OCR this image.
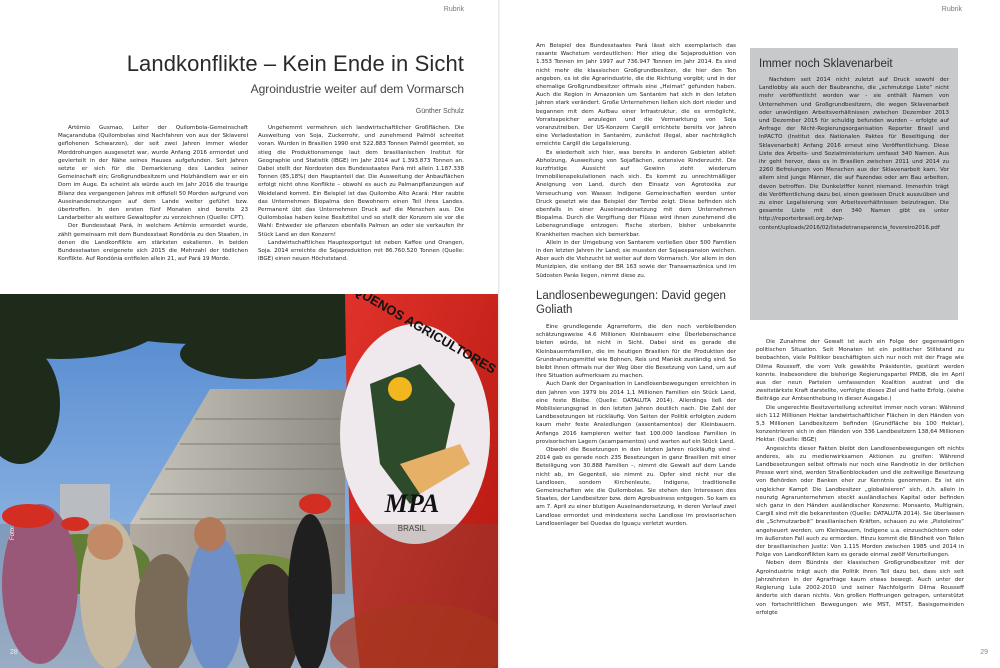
Rubrik
Landkonflikte – Kein Ende in Sicht
Agroindustrie weiter auf dem Vormarsch
Günther Schulz

Artêmio Gusmao, Leiter der Quilombola-Gemeinschaft Maçaranduba (Quilombolas sind Nachfahren von aus der Sklaverei geflohenen Schwarzen), der seit zwei Jahren immer wieder Morddrohungen ausgesetzt war, wurde Anfang 2016 ermordet und gevierteilt in der Nähe seines Hauses aufgefunden. Seit Jahren setzte er sich für die Demarkierung des Landes seiner Gemeinschaft ein; Großgrundbesitzern und Holzhändlern war er ein Dorn im Auge. Es scheint als würde auch im Jahr 2016 die traurige Bilanz des vergangenen Jahres mit offiziell 50 Morden aufgrund von Auseinandersetzungen auf dem Lande weiter geführt bzw. übertroffen. In den ersten fünf Monaten sind bereits 23 Landarbeiter als weitere Gewaltopfer zu verzeichnen (Quelle: CPT).

Der Bundesstaat Pará, in welchem Artêmio ermordet wurde, zählt gemeinsam mit dem Bundesstaat Rondônia zu den Staaten, in denen die Landkonflikte am stärksten eskalieren. In beiden Bundesstaaten ereigenete sich 2015 die Mehrzahl der tödlichen Konflikte. Auf Rondônia entfielen allein 21, auf Pará 19 Morde.

Ungehemmt vermehren sich landwirtschaftlicher Großflächen. Die Ausweitung von Soja, Zuckerrohr, und zunehmend Palmöl schreitet voran. Wurden in Brasilien 1990 erst 522.883 Tonnen Palmöl geerntet, so stieg die Produktionsmenge laut dem brasilianischen Institut für Geographie und Statistik (IBGE) im Jahr 2014 auf 1.393.873 Tonnen an. Dabei stellt der Nordosten des Bundesstaates Pará mit allein 1.187.338 Tonnen (85,18%) den Hauptanteil dar. Die Ausweitung der Anbauflächen erfolgt nicht ohne Konflikte – obwohl es auch zu Palmanpflanzungen auf Weideland kommt. Ein Beispiel ist das Quilombo Alto Acará: Hier raubte das Unternehmen Biopalma den Bewohnern einen Teil ihres Landes. Permanent übt das Unternehmen Druck auf die Menschen aus. Die Quilombolas haben keine Besitztitel und so stellt der Konzern sie vor die Wahl: Entweder sie pflanzen ebenfalls Palmen an oder sie verkaufen ihr Stück Land an den Konzern!

Landwirtschaftliches Hauptexportgut ist neben Kaffee und Orangen, Soja. 2014 erreichte die Sojaproduktion mit 86.760.520 Tonnen (Quelle: IBGE) einen neuen Höchststand.

AGRICULTORES
MPA
BRASIL
Foto:
28
Rubrik
29

Am Beispiel des Bundesstaates Pará lässt sich exemplarisch das rasante Wachstum verdeutlichen: Hier stieg die Sojaproduktion von 1.353 Tonnen im Jahr 1997 auf 736.947 Tonnen im Jahr 2014. Es sind nicht mehr die klassischen Großgrundbesitzer, die hier den Ton angeben, es ist die Agrarindustrie, die die Richtung vorgibt; und in der ehemalige Großgrundbesitzer oftmals eine „Heimat“ gefunden haben. Auch die Region in Amazonien um Santarém hat sich in den letzten Jahren stark verändert. Große Unternehmen ließen sich dort nieder und begannen mit dem Aufbau einer Infrastruktur, die es ermöglicht, Vorratsspeicher anzulegen und die Vermarktung von Soja voranzutreiben. Der US-Konzern Cargill errichtete bereits vor Jahren eine Verladestation in Santarém, zunächst illegal, aber nachträglich erreichte Cargill die Legalisierung.

Es wiederholt sich hier, was bereits in anderen Gebieten ablief: Abholzung, Ausweitung von Sojaflächen, extensive Rinderzucht. Die kurzfristige Aussicht auf Gewinn zieht wiederum Immobilienspekulationen nach sich. Es kommt zu unrechtmäßiger Aneignung von Land, durch den Einsatz von Agrotoxika zur Verseuchung von Wasser. Indigene Gemeinschaften werden unter Druck gesetzt wie das Beispiel der Tembé zeigt. Diese befinden sich ebenfalls in einer Auseinandersetzung mit dem Unternehmen Biopalma. Durch die Vergiftung der Flüsse wird ihnen zunehmend die Lebensgrundlage entzogen: Fische sterben, bisher unbekannte Krankheiten machen sich bemerkbar.

Allein in der Umgebung von Santarem verließen über 500 Familien in den letzten Jahren ihr Land; sie mussten der Sojaexpansion weichen. Aber auch die Viehzucht ist weiter auf dem Vormarsch. Vor allem in den Munizipien, die entlang der BR 163 sowie der Transamazônica und im Südosten Parás liegen, nimmt diese zu.

Landlosenbewegungen: David gegen Goliath

Eine grundlegende Agrarreform, die den noch verbleibenden schätzungsweise 4.6 Millionen Kleinbauern eine Überlebenschance bieten würde, ist nicht in Sicht. Dabei sind es gerade die Kleinbauernfamilien, die im heutigen Brasilien für die Produktion der Grundnahrungsmittel wie Bohnen, Reis und Maniok zuständig sind. So bleibt ihnen oftmals nur der Weg über die Besetzung von Land, um auf ihre Situation aufmerksam zu machen.

Auch Dank der Organisation in Landlosenbewegungen erreichten in den Jahren von 1979 bis 2014 1,1 Millionen Familien ein Stück Land, eine feste Bleibe. (Quelle: DATALUTA 2014). Allerdings ließ der Mobilisierungsgrad in den letzten Jahren deutlich nach. Die Zahl der Landbesetzungen ist rückläufig. Von Seiten der Politik erfolgten zudem kaum mehr feste Ansiedlungen (assentamentos) der Kleinbauern. Anfangs 2016 kampieren weiter fast 100.000 landlose Familien in provisorischen Lagern (acampamentos) und warten auf ein Stück Land.

Obwohl die Besetzungen in den letzten Jahren rückläufig sind – 2014 gab es gerade noch 235 Besetzungen in ganz Brasilien mit einer Beteiligung von 30.888 Familien –, nimmt die Gewalt auf dem Lande nicht ab, im Gegenteil, sie nimmt zu. Opfer sind nicht nur die Landlosen, sondern Kirchenleute, Indigene, traditionelle Gemeinschaften wie die Quilombolas. Sie stehen den Interessen des Staates, der Landbesitzer bzw. dem Agrobusiness entgegen. So kam es am 7. April zu einer blutigen Auseinandersetzung, in deren Verlauf zwei Landlose ermordet und mindestens sechs Landlose im provisorischen Landlosenlager bei Quedas do Iguaçu verletzt wurden.

Immer noch Sklavenarbeit

Nachdem seit 2014 nicht zuletzt auf Druck sowohl der Landlobby als auch der Baubranche, die „schmutzige Liste“ nicht mehr veröffentlicht worden war - sie enthält Namen von Unternehmen und Großgrundbesitzern, die wegen Sklavenarbeit oder unwürdigen Arbeitsverhältnissen zwischen Dezember 2013 und Dezember 2015 für schuldig befunden wurden – erfolgte auf Anfrage der Nicht-Regierungsorganisation Reporter Brasil und InPACTO (Institut des Nationalen Paktes für Beseitigung der Sklavenarbeit) Anfang 2016 erneut eine Veröffentlichung. Diese Liste des Arbeits- und Sozialministerium umfasst 340 Namen. Aus ihr geht hervor, dass es in Brasilien zwischen 2011 und 2014 zu 2260 Befreiungen von Menschen aus der Sklavenarbeit kam. Vor allem sind junge Männer, die auf Fazendas oder am Bau arbeiten, davon betroffen. Die Dunkelziffer kennt niemand. Immerhin trägt die Veröffentlichung dazu bei, einen gewissen Druck auszuüben und zu einer Legalisierung von Arbeitsverhältnissen beizutragen. Die gesamte Liste mit den 340 Namen gibt es unter http://reporterbrasil.org.br/wp-content/uploads/2016/02/listadetransparencia_fevereiro2016.pdf

Die Zunahme der Gewalt ist auch ein Folge der gegenwärtigen politischen Situation. Seit Monaten ist ein politischer Stillstand zu beobachten, viele Politiker beschäftigten sich nur noch mit der Frage wie Dilma Rousseff, die vom Volk gewählte Präsidentin, gestürzt werden konnte. Insbesondere die bisherige Regierungspartei PMDB, die im April aus der neun Parteien umfassenden Koalition austrat und die zweitstärkste Kraft darstellte, verfolgte dieses Ziel und hatte Erfolg. (siehe Beiträge zur Amtsenthebung in dieser Ausgabe.)

Die ungerechte Besitzverteilung schreitet immer noch voran: Während sich 112 Millionen Hektar landwirtschaftlicher Flächen in den Händen von 5,3 Millionen Landbesitzern befinden (Grundfläche bis 100 Hektar), konzentrieren sich in den Händen von 336 Landbesitzern 138,64 Millionen Hektar. (Quelle: IBGE)

Angesichts dieser Fakten bleibt den Landlosenbewegungen oft nichts anderes, als zu medienwirksamen Aktionen zu greifen: Während Landbesetzungen selbst oftmals nur noch eine Randnotiz in der örtlichen Presse wert sind, werden Straßenblockaden und die zeitweilige Besetzung von Behörden oder Banken eher zur Kenntnis genommen. Es ist ein ungleicher Kampf: Die Landbesitzer „globalisieren“ sich, d.h. allein in neunzig Agrarunternehmen steckt ausländisches Kapital oder befinden sich ganz in den Händen ausländischer Konzerne: Monsanto, Multigrain, Cargill sind mit die bekanntesten (Quelle: DATALUTA 2014). Sie überlassen die „Schmutzarbeit“ brasilianischen Kräften, schauen zu wie „Pistoleiros“ angeheuert werden, um Kleinbauern, Indigene u.a. einzuschüchtern oder im äußersten Fall auch zu ermorden. Hinzu kommt die Blindheit von Teilen der brasilianischen Justiz: Von 1.115 Morden zwischen 1985 und 2014 in Folge von Landkonflikten kam es gerade einmal zwölf Verurteilungen.

Neben dem Bündnis der klassischen Großgrundbesitzer mit der Agroindustrie trägt auch die Politik ihren Teil dazu bei, dass sich seit Jahrzehnten in der Agrarfrage kaum etwas bewegt. Auch unter der Regierung Lula 2002-2010 und seiner Nachfolgerin Dilma Rousseff änderte sich daran nichts. Von großen Hoffnungen getragen, unterstützt von fortschrittlichen Bewegungen wie MST, MTST, Basisgemeinden erfolgte
